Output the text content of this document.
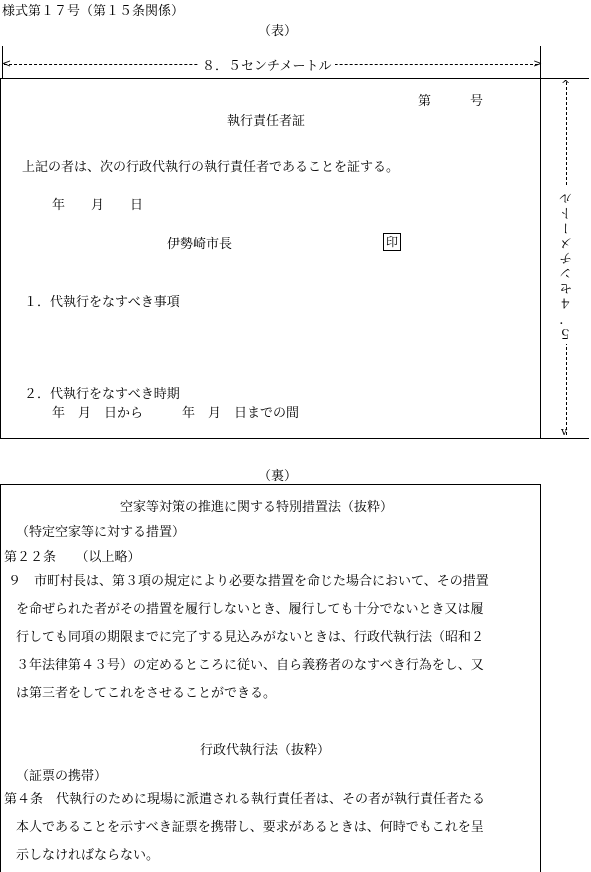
様式第１７号（第１５条関係）
（表）
<	>
８．５センチメートル
^
v
５．４センチメートル
第　　　号
執行責任者証
上記の者は、次の行政代執行の執行責任者であることを証する。
年　　月　　日
伊勢崎市長	印
１．代執行をなすべき事項
２．代執行をなすべき時期
年　月　日から　　　年　月　日までの間
（裏）
空家等対策の推進に関する特別措置法（抜粋）
（特定空家等に対する措置）
第２２条　　（以上略）
９　市町村長は、第３項の規定により必要な措置を命じた場合において、その措置
を命ぜられた者がその措置を履行しないとき、履行しても十分でないとき又は履
行しても同項の期限までに完了する見込みがないときは、行政代執行法（昭和２
３年法律第４３号）の定めるところに従い、自ら義務者のなすべき行為をし、又
は第三者をしてこれをさせることができる。
行政代執行法（抜粋）
（証票の携帯）
第４条　代執行のために現場に派遣される執行責任者は、その者が執行責任者たる
本人であることを示すべき証票を携帯し、要求があるときは、何時でもこれを呈
示しなければならない。
